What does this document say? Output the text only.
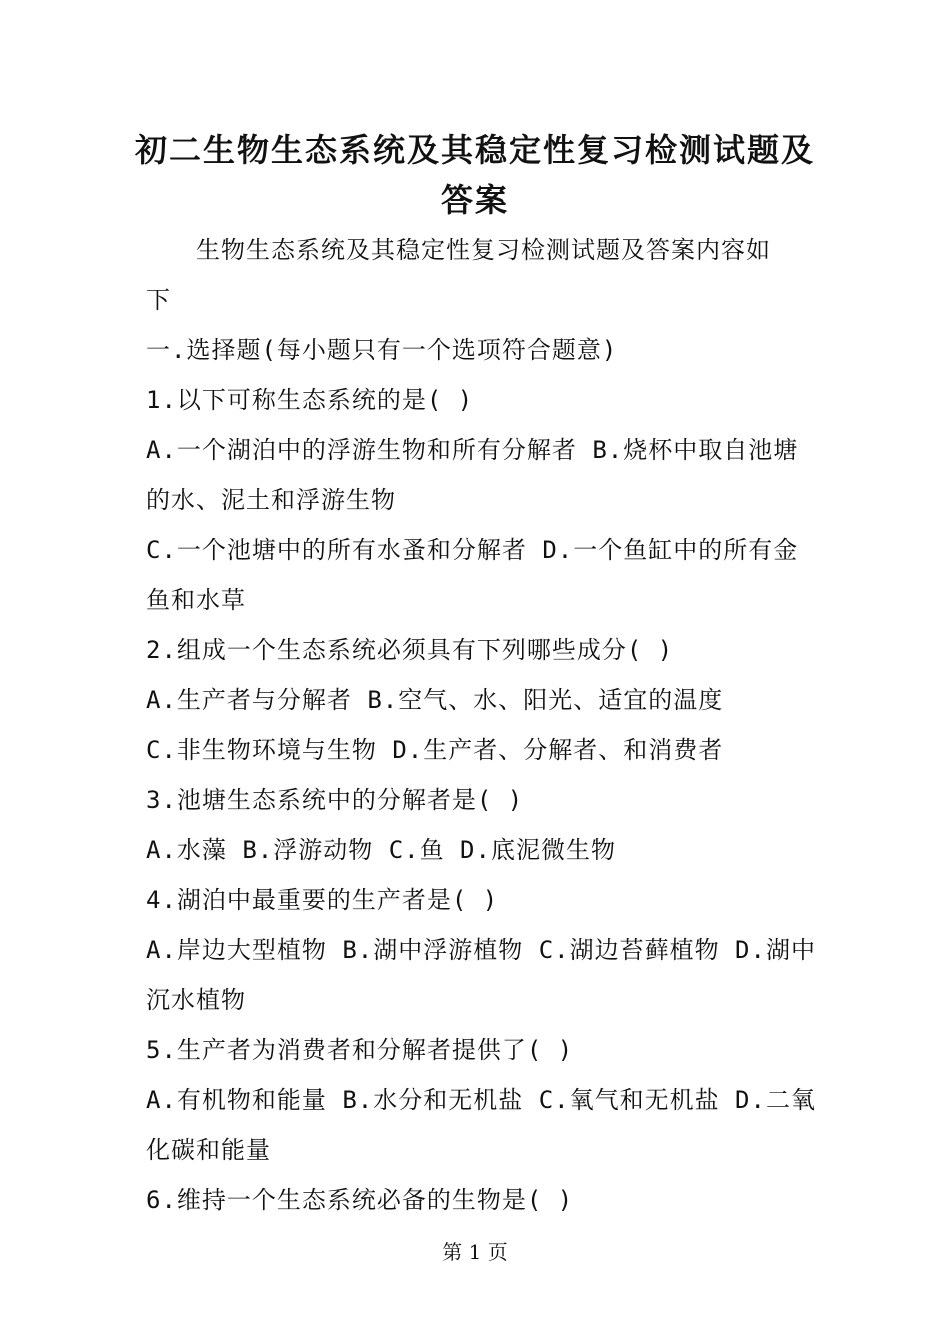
初二生物生态系统及其稳定性复习检测试题及
答案
生物生态系统及其稳定性复习检测试题及答案内容如
下
一.选择题(每小题只有一个选项符合题意)
1.以下可称生态系统的是( )
A.一个湖泊中的浮游生物和所有分解者 B.烧杯中取自池塘
的水、泥土和浮游生物
C.一个池塘中的所有水蚤和分解者 D.一个鱼缸中的所有金
鱼和水草
2.组成一个生态系统必须具有下列哪些成分( )
A.生产者与分解者 B.空气、水、阳光、适宜的温度
C.非生物环境与生物 D.生产者、分解者、和消费者
3.池塘生态系统中的分解者是( )
A.水藻 B.浮游动物 C.鱼 D.底泥微生物
4.湖泊中最重要的生产者是( )
A.岸边大型植物 B.湖中浮游植物 C.湖边苔藓植物 D.湖中
沉水植物
5.生产者为消费者和分解者提供了( )
A.有机物和能量 B.水分和无机盐 C.氧气和无机盐 D.二氧
化碳和能量
6.维持一个生态系统必备的生物是( )
第 1 页
